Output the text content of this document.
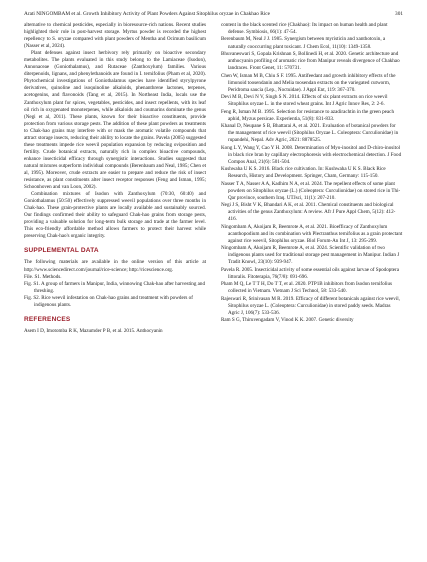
Arati NINGOMBAM et al. Growth Inhibitory Activity of Plant Powders Against Sitophilus oryzae in Chakhao Rice	301

alternative to chemical pesticides, especially in bioresource-rich nations. Recent studies highlighted their role in post-harvest storage. Myrtus powder is recorded the highest repellency to S. oryzae compared with plant powders of Mentha and Ocimum basilicum (Nasser et al, 2024).

Plant defenses against insect herbivory rely primarily on bioactive secondary metabolites. The plants evaluated in this study belong to the Lamiaceae (Isodon), Annonaceae (Goniothalamus), and Rutaceae (Zanthoxylum) families. Various diterpenoids, lignans, and phenylethanoids are found in I. ternifolius (Pham et al, 2020). Phytochemical investigations of Goniothalamus species have identified styrylpyrone derivatives, quinoline and isoquinoline alkaloids, phenanthrene lactones, terpenes, acetogenins, and flavonoids (Tang et al, 2015). In Northeast India, locals use the Zanthoxylum plant for spices, vegetables, pesticides, and insect repellents, with its leaf oil rich in oxygenated monoterpenes, while alkaloids and coumarins dominate the genus (Negi et al, 2011). These plants, known for their bioactive constituents, provide protection from various storage pests. The addition of these plant powders as treatments to Chak-hao grains may interfere with or mask the aromatic volatile compounds that attract storage insects, reducing their ability to locate the grains. Pavela (2005) suggested these treatments impede rice weevil population expansion by reducing oviposition and fertility. Crude botanical extracts, naturally rich in complex bioactive compounds, enhance insecticidal efficacy through synergistic interactions. Studies suggested that natural mixtures outperform individual compounds (Berenbaum and Neal, 1985; Chen et al, 1995). Moreover, crude extracts are easier to prepare and reduce the risk of insect resistance, as plant constituents alter insect receptor responses (Feng and Isman, 1995; Schoonhoven and van Loon, 2002).

Combination mixtures of Isodon with Zanthoxylum (70:30, 60:40) and Goniothalamus (50:50) effectively suppressed weevil populations over three months in Chak-hao. These grain-protective plants are locally available and sustainably sourced. Our findings confirmed their ability to safeguard Chak-hao grains from storage pests, providing a valuable solution for long-term bulk storage and trade at the farmer level. This eco-friendly affordable method allows farmers to protect their harvest while preserving Chak-hao's organic integrity.

SUPPLEMENTAL DATA

The following materials are available in the online version of this article at http://www.sciencedirect.com/journal/rice-science; http://ricescience.org.

File. S1. Methods.

Fig. S1. A group of farmers in Manipur, India, winnowing Chak-hao after harvesting and threshing.

Fig. S2. Rice weevil infestation on Chak-hao grains and treatment with powders of indigenous plants.

REFERENCES

Asem I D, Imotomba R K, Mazumder P B, et al. 2015. Anthocyanin

content in the black scented rice (Chakhao): Its impact on human health and plant defense. Symbiosis, 66(1): 47-54.

Berenbaum M, Neal J J. 1985. Synergism between myristicin and xanthotoxin, a naturally cooccurring plant toxicant. J Chem Ecol, 11(10): 1349-1358.

Bhuvaneswari S, Gopala Krishnan S, Bollinedi H, et al. 2020. Genetic architecture and anthocyanin profiling of aromatic rice from Manipur reveals divergence of Chakhao landraces. Front Genet, 11: 570731.

Chen W, Isman M B, Chiu S F. 1995. Antifeedant and growth inhibitory effects of the limonoid toosendanin and Melia toosendan extracts on the variegated cutworm, Peridroma saucia (Lep., Noctuidae). J Appl Ent, 119: 367-370.

Devi M B, Devi N V, Singh S N. 2014. Effects of six plant extracts on rice weevil Sitophilus oryzae L. in the stored wheat grains. Int J Agric Innov Res, 2: 2-6.

Feng R, Isman M B. 1995. Selection for resistance to azadirachtin in the green peach aphid, Myzus persicae. Experientia, 51(8): 831-833.

Khanal D, Neupane S B, Bhattarai A, et al. 2021. Evaluation of botanical powders for the management of rice weevil (Sitophilus Oryzae L. Coleoptera: Curculionidae) in rupandehi, Nepal. Adv Agric, 2021: 8878525.

Kong L Y, Wang Y, Cao Y H. 2008. Determination of Myo-inositol and D-chiro-inositol in black rice bran by capillary electrophoresis with electrochemical detection. J Food Compos Anal, 21(6): 501-504.

Kushwaha U K S. 2016. Black rice cultivation. In: Kushwaha U K S. Black Rice Research, History and Development. Springer, Cham, Germany: 115-150.

Nasser T A, Nasser A A, Kadhim N A, et al. 2024. The repellent effects of some plant powders on Sitophilus oryzae (L.) (Coleoptera: Curculionidae) on stored rice in Thi-Qar province, southern Iraq. UTJsci, 11(1): 207-210.

Negi J S, Bisht V K, Bhandari A K, et al. 2011. Chemical constituents and biological activities of the genus Zanthoxylum: A review. Afr J Pure Appl Chem, 5(12): 412-416.

Ningombam A, Akoijam R, Beemrote A, et al. 2021. Bioefficacy of Zanthoxylum acanthopodium and its combination with Plectranthus ternifolius as a grain protectant against rice weevil, Sitophilus oryzae. Biol Forum-An Int J, 13: 295-299.

Ningombam A, Akoijam R, Beemrote A, et al. 2024. Scientific validation of two indigenous plants used for traditional storage pest management in Manipur. Indian J Tradit Knowl, 23(10): 939-947.

Pavela R. 2005. Insecticidal activity of some essential oils against larvae of Spodoptera littoralis. Fitoterapia, 76(7/8): 691-696.

Pham M Q, Le T T H, Do T T, et al. 2020. PTP1B inhibitors from Isodon ternifolius collected in Vietnam. Vietnam J Sci Technol, 58: 533-540.

Rajeswari R, Srinivasan M R. 2019. Efficacy of different botanicals against rice weevil, Sitophilus oryzae L. (Coleoptera: Curculionidae) in stored paddy seeds. Madras Agric J, 106(7): 533-536.

Ram S G, Thiruvengadam V, Vinod K K. 2007. Genetic diversity
